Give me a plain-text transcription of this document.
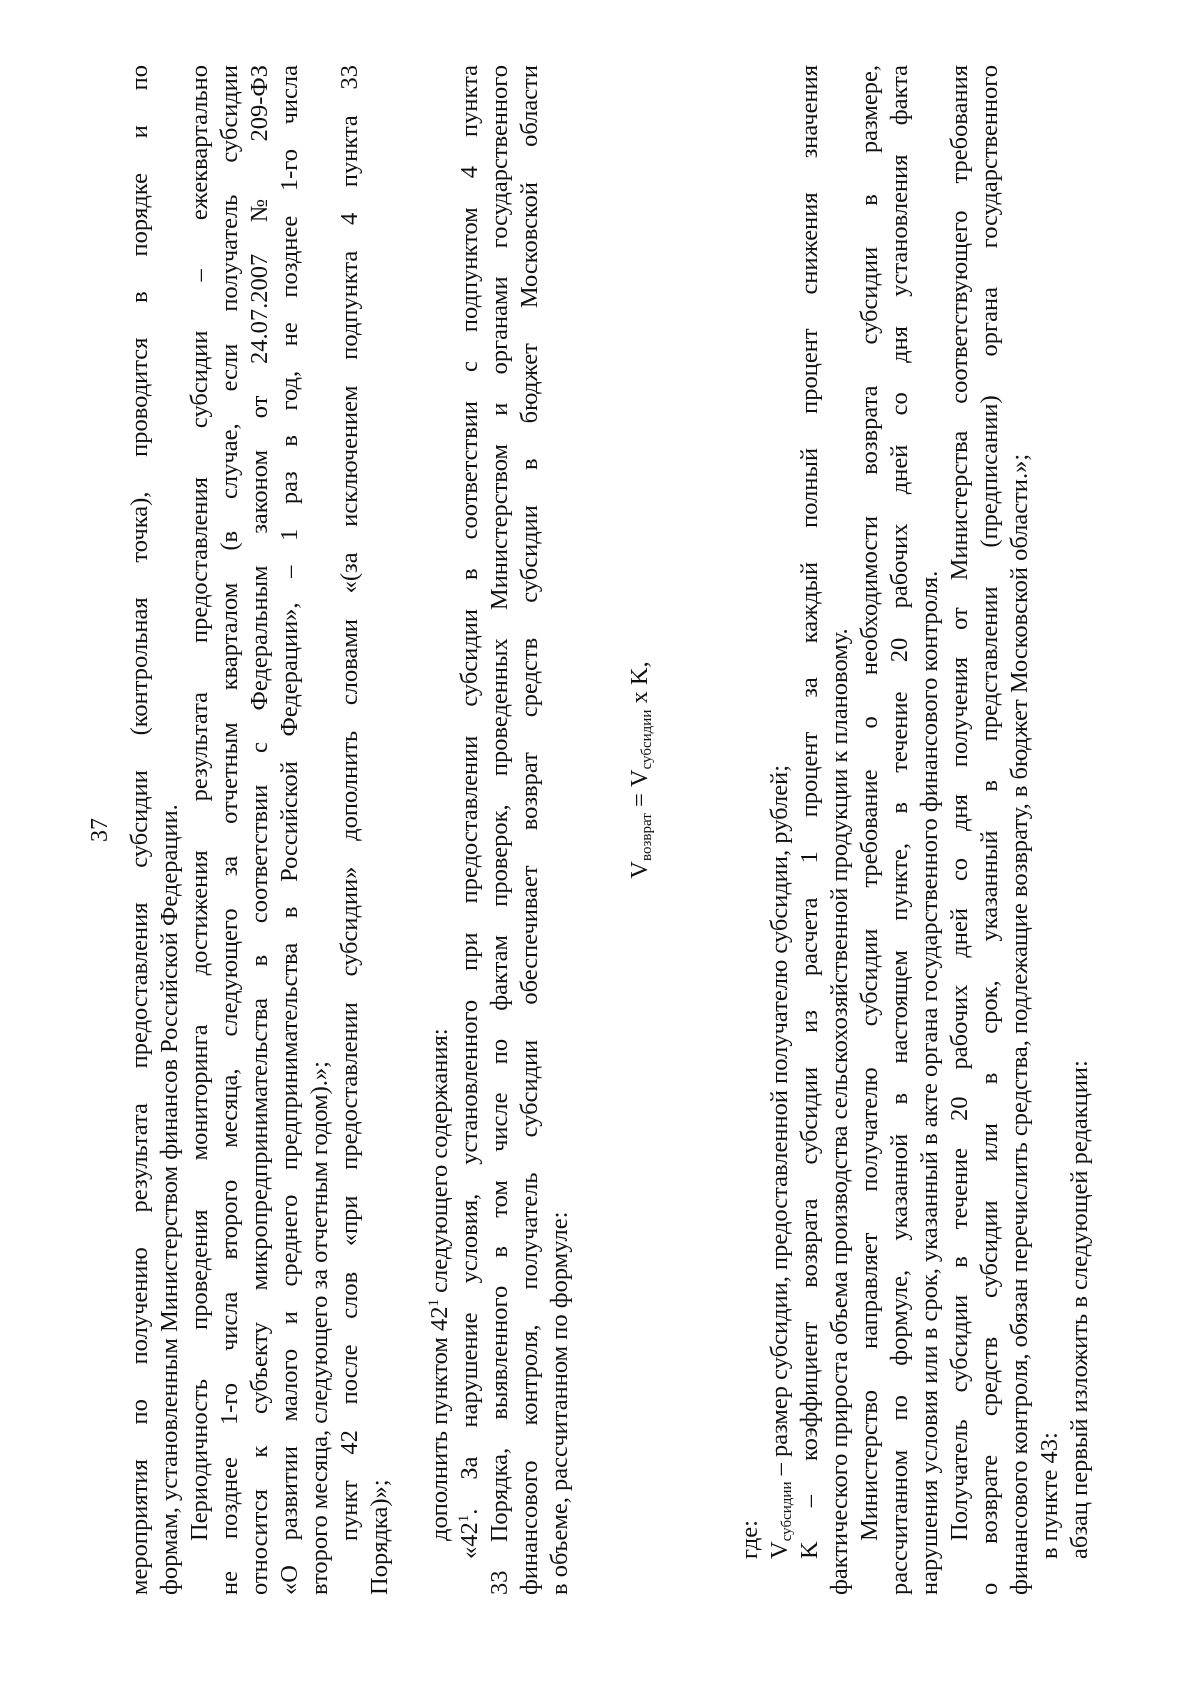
37 мероприятия по получению результата предоставления субсидии (контрольная точка), проводится в порядке и по формам, установленным Министерством финансов Российской Федерации. Периодичность проведения мониторинга достижения результата предоставления субсидии – ежеквартально не позднее 1-го числа второго месяца, следующего за отчетным кварталом (в случае, если получатель субсидии относится к субъекту микропредпринимательства в соответствии с Федеральным законом от 24.07.2007 № 209-ФЗ «О развитии малого и среднего предпринимательства в Российской Федерации», – 1 раз в год, не позднее 1-го числа второго месяца, следующего за отчетным годом).»; пункт 42 после слов «при предоставлении субсидии» дополнить словами «(за исключением подпункта 4 пункта 33 Порядка)»; дополнить пунктом $42^1$ следующего содержания:
«$42^1$. За нарушение условия, установленного при предоставлении субсидии в соответствии с подпунктом 4 пункта 33 Порядка, выявленного в том числе по фактам проверок, проведенных Министерством и органами государственного финансового контроля, получатель субсидии обеспечивает возврат средств субсидии в бюджет Московской области в объеме, рассчитанном по формуле:
$V_{возврат} = V_{субсидии}$ х K,
где: $V_{субсидии}$ – размер субсидии, предоставленной получателю субсидии, рублей; K – коэффициент возврата субсидии из расчета 1 процент за каждый полный процент снижения значения фактического прироста объема производства сельскохозяйственной продукции к плановому. Министерство направляет получателю субсидии требование о необходимости возврата субсидии в размере, рассчитанном по формуле, указанной в настоящем пункте, в течение 20 рабочих дней со дня установления факта нарушения условия или в срок, указанный в акте органа государственного финансового контроля. Получатель субсидии в течение 20 рабочих дней со дня получения от Министерства соответствующего требования о возврате средств субсидии или в срок, указанный в представлении (предписании) органа государственного финансового контроля, обязан перечислить средства, подлежащие возврату, в бюджет Московской области.»; в пункте 43: абзац первый изложить в следующей редакции:
